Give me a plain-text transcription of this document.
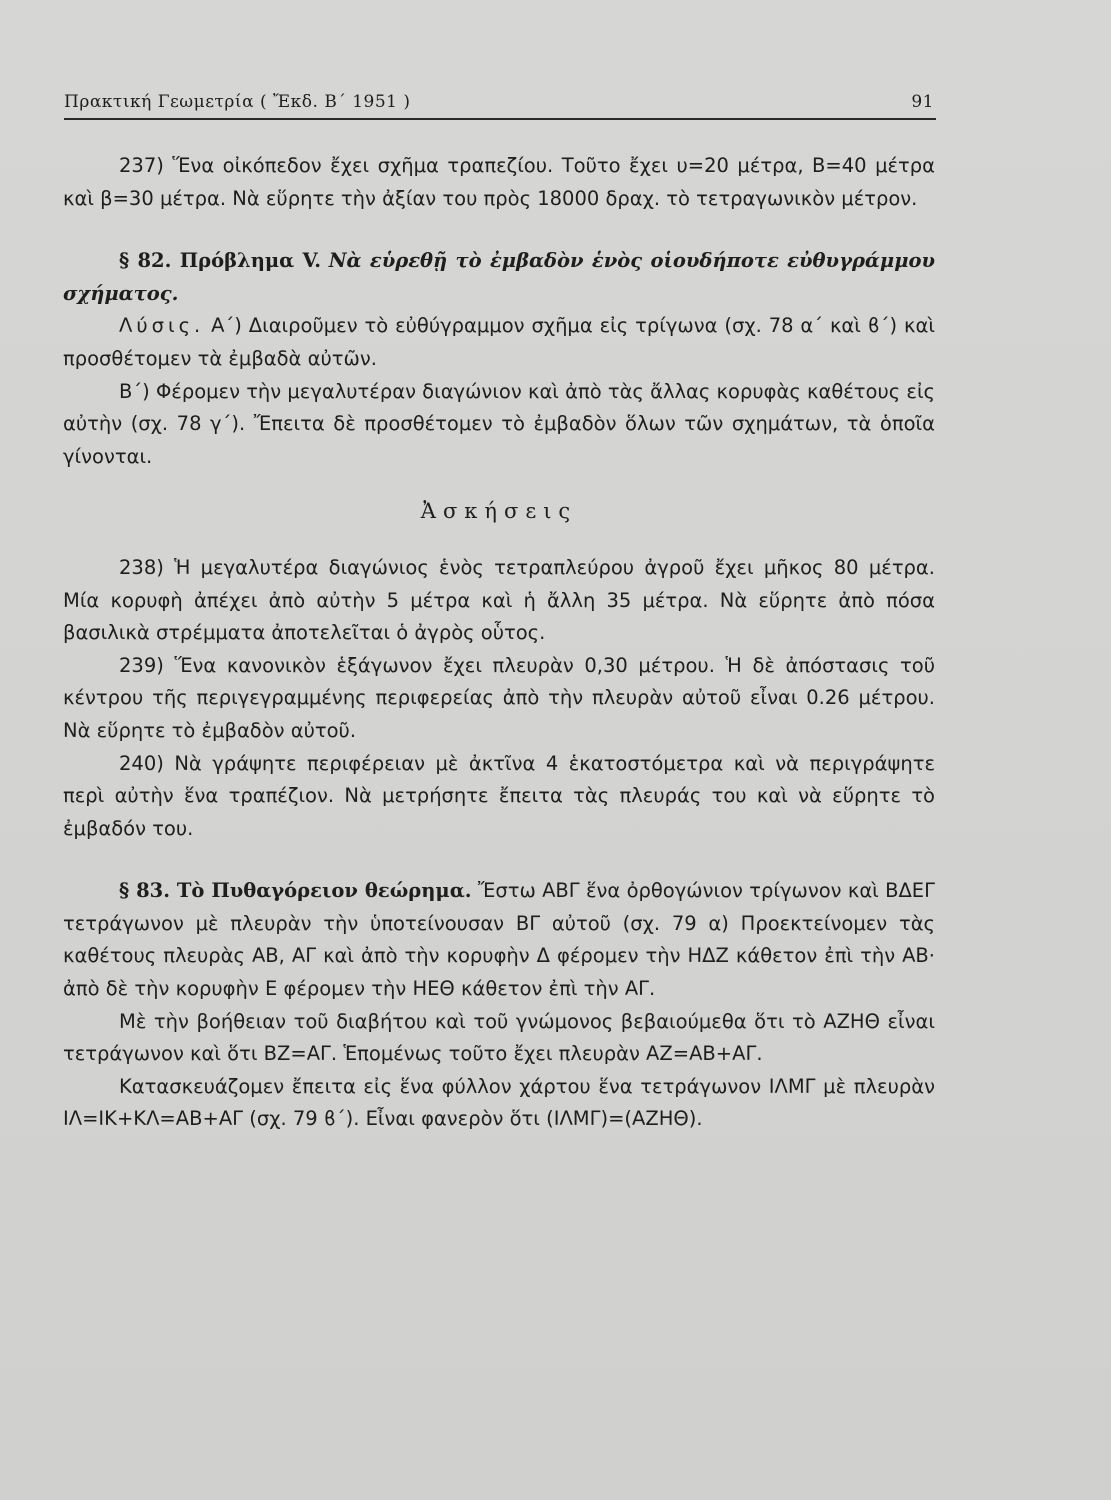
Πρακτική Γεωμετρία ( Ἔκδ. Β΄ 1951 )	91

237) Ἕνα οἰκόπεδον ἔχει σχῆμα τραπεζίου. Τοῦτο ἔχει υ=20 μέτρα, Β=40 μέτρα καὶ β=30 μέτρα. Νὰ εὕρητε τὴν ἀξίαν του πρὸς 18000 δραχ. τὸ τετραγωνικὸν μέτρον.

§ 82. Πρόβλημα V. Νὰ εὑρεθῇ τὸ ἐμβαδὸν ἑνὸς οἱουδήποτε εὐθυγράμμου σχήματος.

Λύσις. Α΄) Διαιροῦμεν τὸ εὐθύγραμμον σχῆμα εἰς τρίγωνα (σχ. 78 α΄ καὶ ϐ΄) καὶ προσθέτομεν τὰ ἐμβαδὰ αὐτῶν.

Β΄) Φέρομεν τὴν μεγαλυτέραν διαγώνιον καὶ ἀπὸ τὰς ἄλλας κορυφὰς καθέτους εἰς αὐτὴν (σχ. 78 γ΄). Ἔπειτα δὲ προσθέτομεν τὸ ἐμβαδὸν ὅλων τῶν σχημάτων, τὰ ὁποῖα γίνονται.

Ἀσκήσεις

238) Ἡ μεγαλυτέρα διαγώνιος ἑνὸς τετραπλεύρου ἀγροῦ ἔχει μῆκος 80 μέτρα. Μία κορυφὴ ἀπέχει ἀπὸ αὐτὴν 5 μέτρα καὶ ἡ ἄλλη 35 μέτρα. Νὰ εὕρητε ἀπὸ πόσα βασιλικὰ στρέμματα ἀποτελεῖται ὁ ἀγρὸς οὗτος.

239) Ἕνα κανονικὸν ἑξάγωνον ἔχει πλευρὰν 0,30 μέτρου. Ἡ δὲ ἀπόστασις τοῦ κέντρου τῆς περιγεγραμμένης περιφερείας ἀπὸ τὴν πλευρὰν αὐτοῦ εἶναι 0.26 μέτρου. Νὰ εὕρητε τὸ ἐμβαδὸν αὐτοῦ.

240) Νὰ γράψητε περιφέρειαν μὲ ἀκτῖνα 4 ἑκατοστόμετρα καὶ νὰ περιγράψητε περὶ αὐτὴν ἕνα τραπέζιον. Νὰ μετρήσητε ἔπειτα τὰς πλευράς του καὶ νὰ εὕρητε τὸ ἐμβαδόν του.

§ 83. Τὸ Πυθαγόρειον θεώρημα. Ἔστω ΑΒΓ ἕνα ὀρθογώνιον τρίγωνον καὶ ΒΔΕΓ τετράγωνον μὲ πλευρὰν τὴν ὑποτείνουσαν ΒΓ αὐτοῦ (σχ. 79 α) Προεκτείνομεν τὰς καθέτους πλευρὰς ΑΒ, ΑΓ καὶ ἀπὸ τὴν κορυφὴν Δ φέρομεν τὴν ΗΔΖ κάθετον ἐπὶ τὴν ΑΒ· ἀπὸ δὲ τὴν κορυφὴν Ε φέρομεν τὴν ΗΕΘ κάθετον ἐπὶ τὴν ΑΓ.

Μὲ τὴν βοήθειαν τοῦ διαβήτου καὶ τοῦ γνώμονος βεβαιούμεθα ὅτι τὸ ΑΖΗΘ εἶναι τετράγωνον καὶ ὅτι ΒΖ=ΑΓ. Ἑπομένως τοῦτο ἔχει πλευρὰν ΑΖ=ΑΒ+ΑΓ.

Κατασκευάζομεν ἔπειτα εἰς ἕνα φύλλον χάρτου ἕνα τετράγωνον ΙΛΜΓ μὲ πλευρὰν ΙΛ=ΙΚ+ΚΛ=ΑΒ+ΑΓ (σχ. 79 ϐ΄). Εἶναι φανερὸν ὅτι (ΙΛΜΓ)=(ΑΖΗΘ).
